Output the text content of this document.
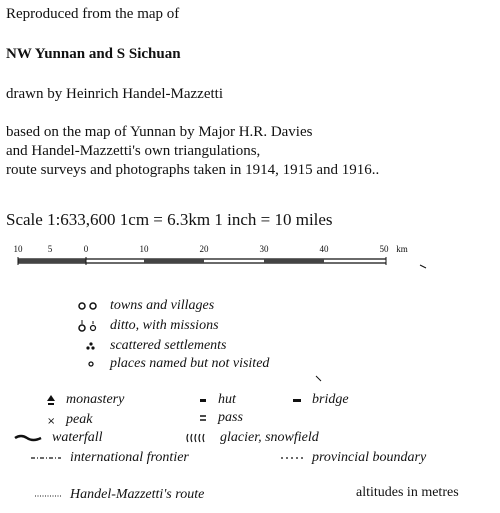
Reproduced from the map of
NW Yunnan and S Sichuan
drawn by Heinrich Handel-Mazzetti
based on the map of Yunnan by Major H.R. Davies
and Handel-Mazzetti's own triangulations,
route surveys and photographs taken in 1914, 1915 and 1916..
Scale 1:633,600 1cm = 6.3km 1 inch = 10 miles
10	5	0	10	20	30	40	50 km
towns and villages
ditto, with missions
scattered settlements
places named but not visited
monastery	hut	bridge
× peak	pass
waterfall	glacier, snowfield
international frontier	provincial boundary
Handel-Mazzetti's route	altitudes in metres
